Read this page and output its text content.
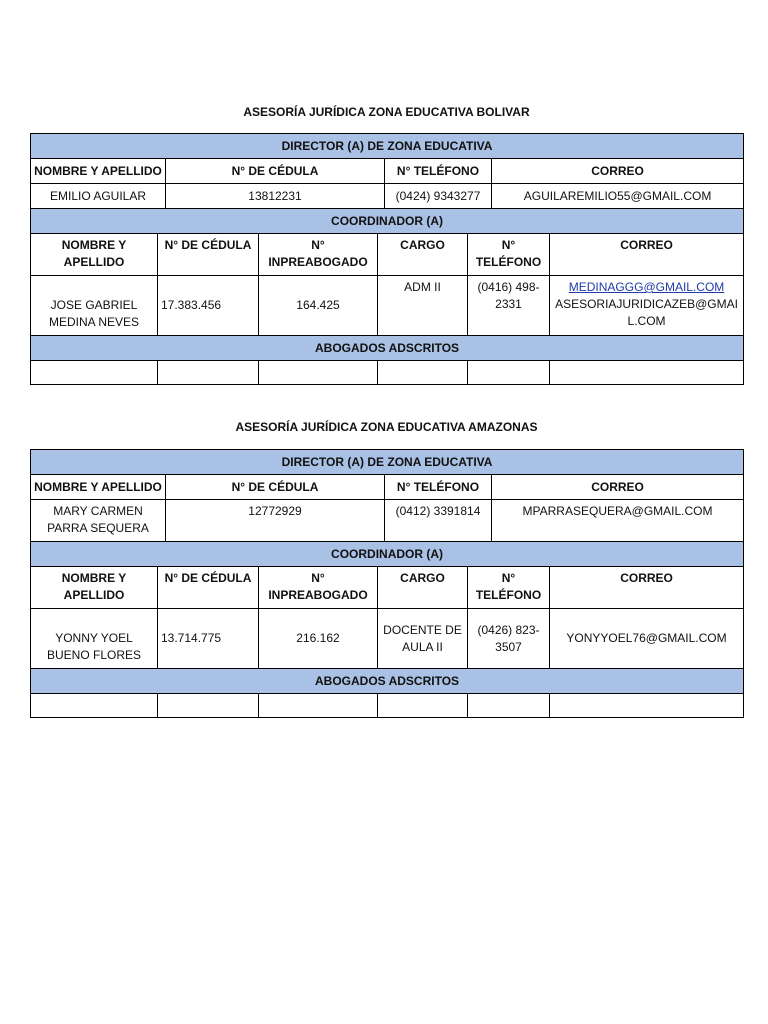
ASESORÍA JURÍDICA ZONA EDUCATIVA BOLIVAR
DIRECTOR (A) DE ZONA EDUCATIVA								
NOMBRE Y APELLIDO		N° DE CÉDULA			N° TELÉFONO		CORREO	
EMILIO AGUILAR		13812231			(0424) 9343277		AGUILAREMILIO55@GMAIL.COM	
COORDINADOR (A)								
NOMBRE Y APELLIDO	N° DE CÉDULA		N° INPREABOGADO	CARGO		N° TELÉFONO		CORREO
JOSE GABRIEL MEDINA NEVES	17.383.456		164.425	ADM II		(0416) 498-2331		MEDINAGGG@GMAIL.COM
ASESORIAJURIDICAZEB@GMAIL.COM
ABOGADOS ADSCRITOS								

ASESORÍA JURÍDICA ZONA EDUCATIVA AMAZONAS
DIRECTOR (A) DE ZONA EDUCATIVA								
NOMBRE Y APELLIDO		N° DE CÉDULA			N° TELÉFONO		CORREO	
MARY CARMEN PARRA SEQUERA		12772929			(0412) 3391814		MPARRASEQUERA@GMAIL.COM	
COORDINADOR (A)								
NOMBRE Y APELLIDO	N° DE CÉDULA		N° INPREABOGADO	CARGO		N° TELÉFONO		CORREO
YONNY YOEL BUENO FLORES	13.714.775		216.162	DOCENTE DE AULA II		(0426) 823-3507		YONYYOEL76@GMAIL.COM
ABOGADOS ADSCRITOS								
